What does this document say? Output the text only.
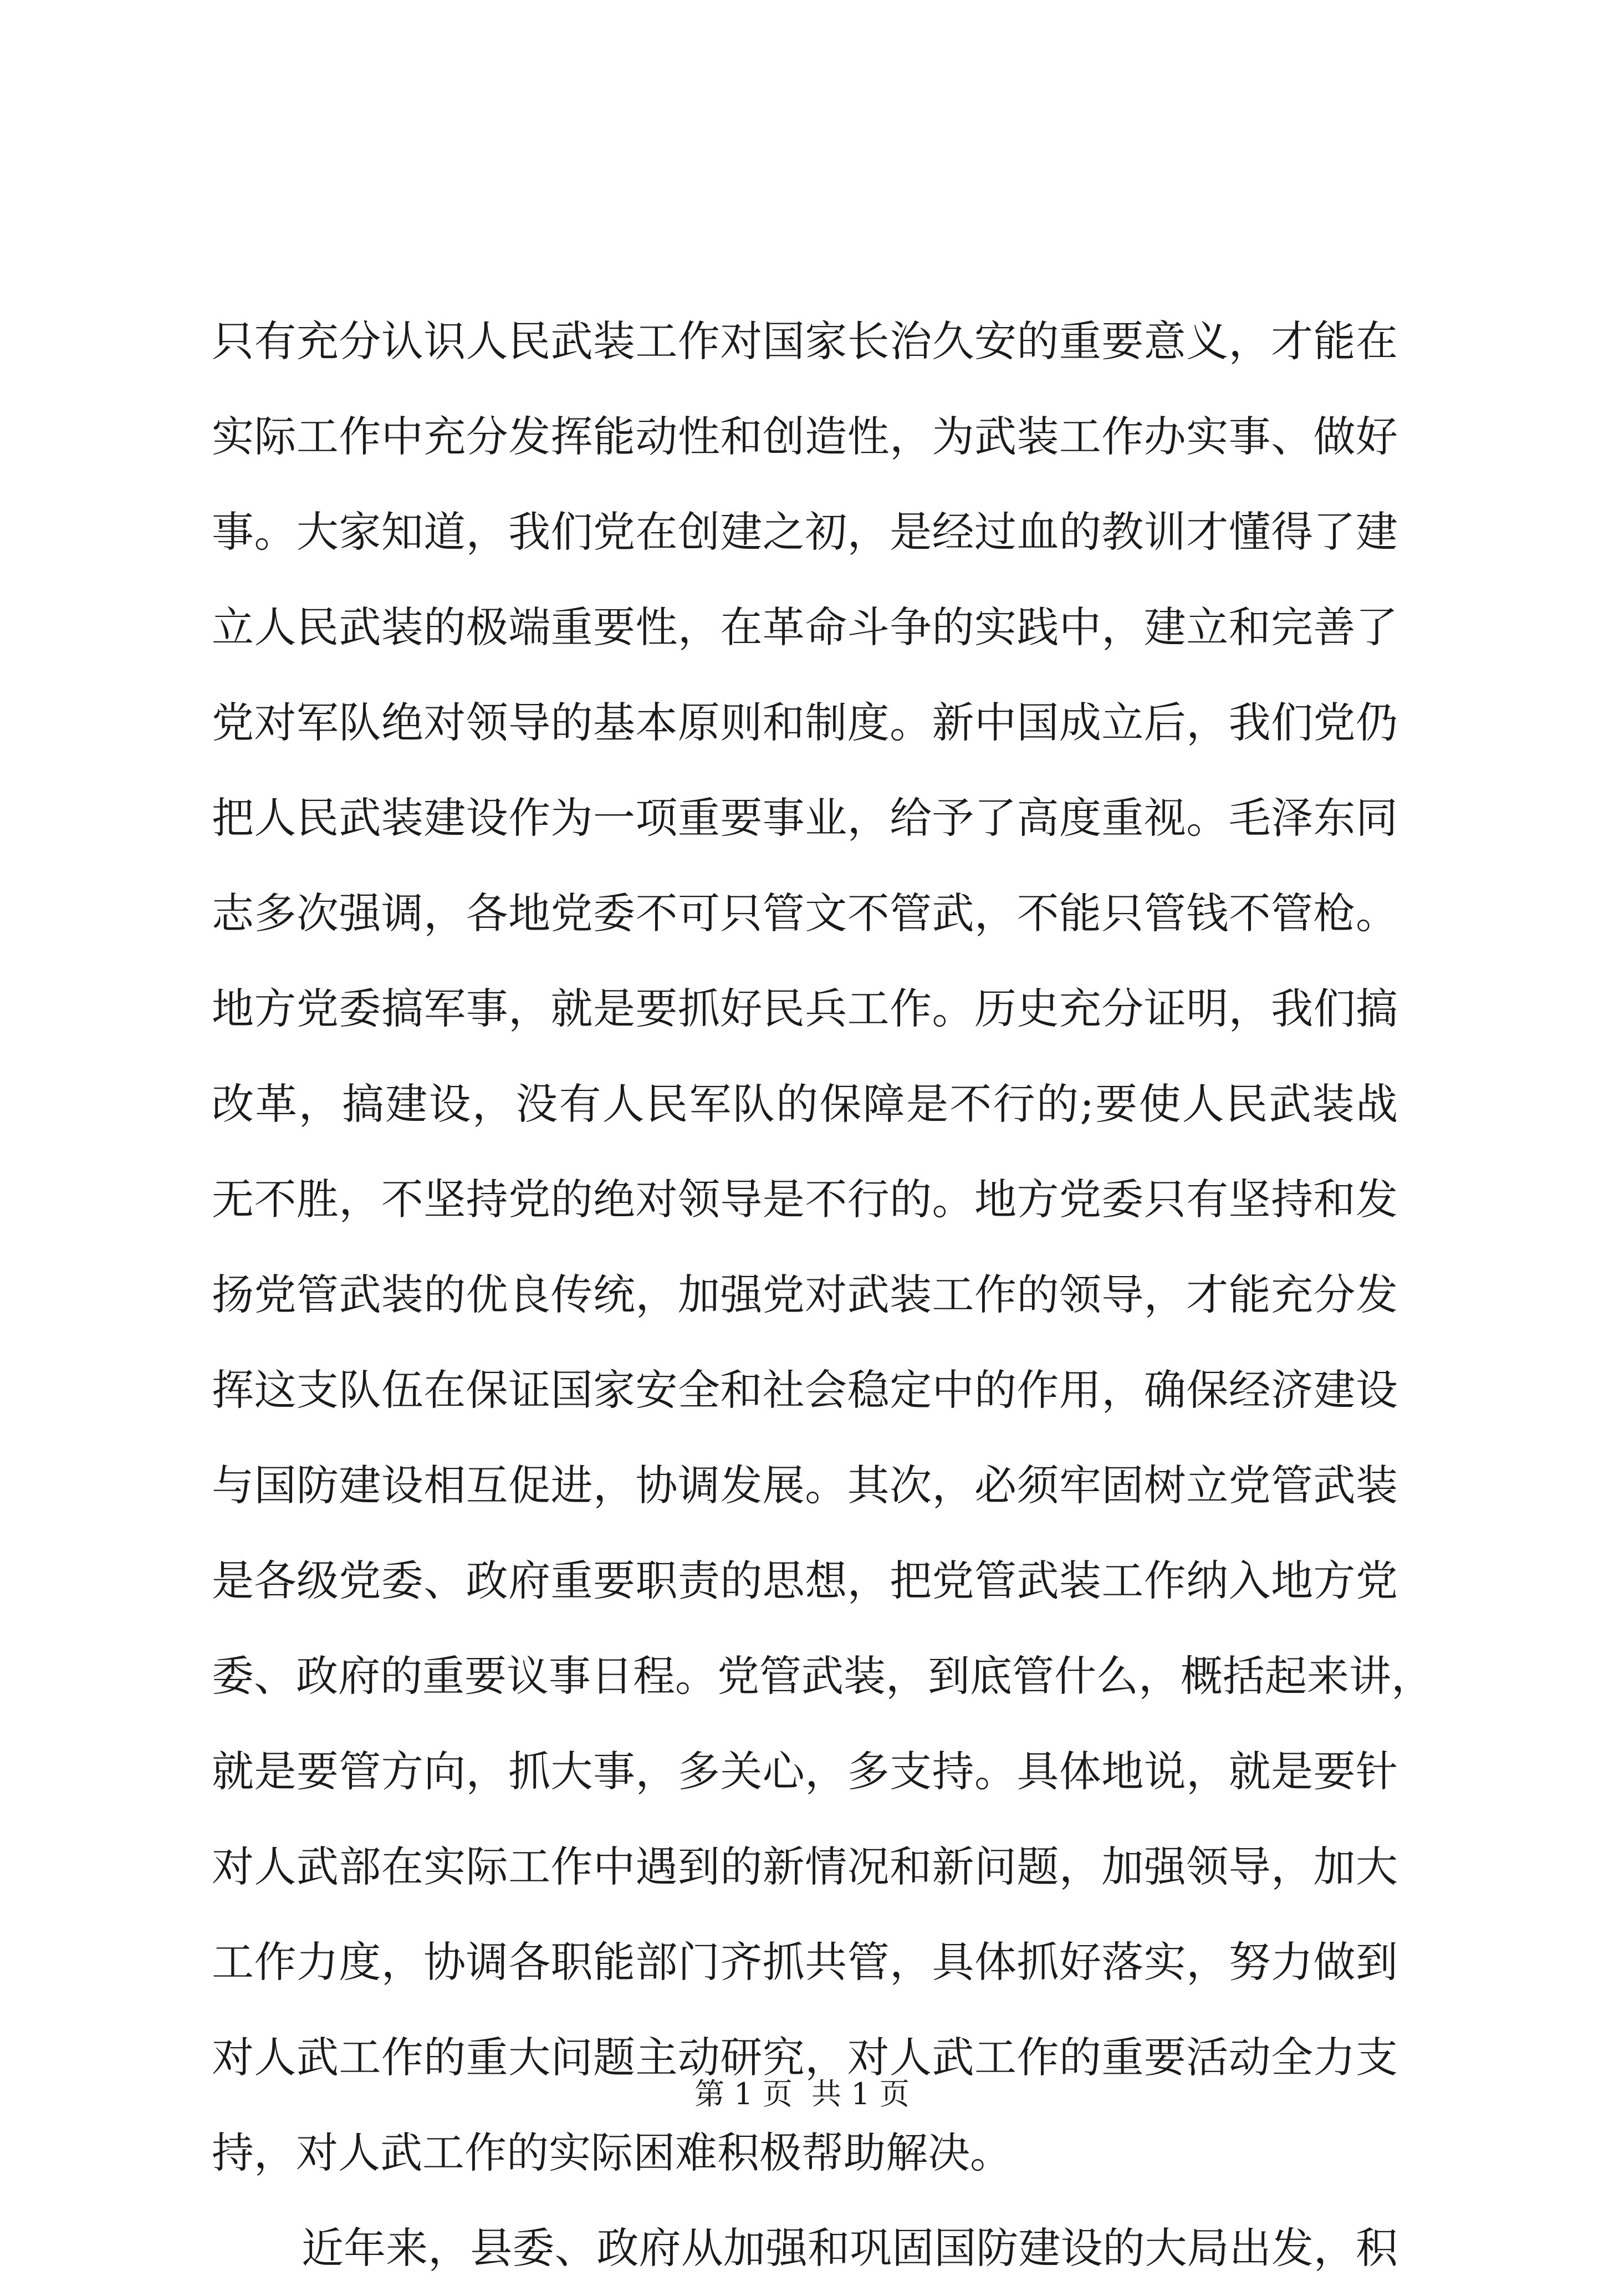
只有充分认识人民武装工作对国家长治久安的重要意义，才能在
实际工作中充分发挥能动性和创造性，为武装工作办实事、做好
事。大家知道，我们党在创建之初，是经过血的教训才懂得了建
立人民武装的极端重要性，在革命斗争的实践中，建立和完善了
党对军队绝对领导的基本原则和制度。新中国成立后，我们党仍
把人民武装建设作为一项重要事业，给予了高度重视。毛泽东同
志多次强调，各地党委不可只管文不管武，不能只管钱不管枪。
地方党委搞军事，就是要抓好民兵工作。历史充分证明，我们搞
改革，搞建设，没有人民军队的保障是不行的;要使人民武装战
无不胜，不坚持党的绝对领导是不行的。地方党委只有坚持和发
扬党管武装的优良传统，加强党对武装工作的领导，才能充分发
挥这支队伍在保证国家安全和社会稳定中的作用，确保经济建设
与国防建设相互促进，协调发展。其次，必须牢固树立党管武装
是各级党委、政府重要职责的思想，把党管武装工作纳入地方党
委、政府的重要议事日程。党管武装，到底管什么，概括起来讲，
就是要管方向，抓大事，多关心，多支持。具体地说，就是要针
对人武部在实际工作中遇到的新情况和新问题，加强领导，加大
工作力度，协调各职能部门齐抓共管，具体抓好落实，努力做到
对人武工作的重大问题主动研究，对人武工作的重要活动全力支
持，对人武工作的实际困难积极帮助解决。
近年来，县委、政府从加强和巩固国防建设的大局出发，积
第 1 页  共 1 页
